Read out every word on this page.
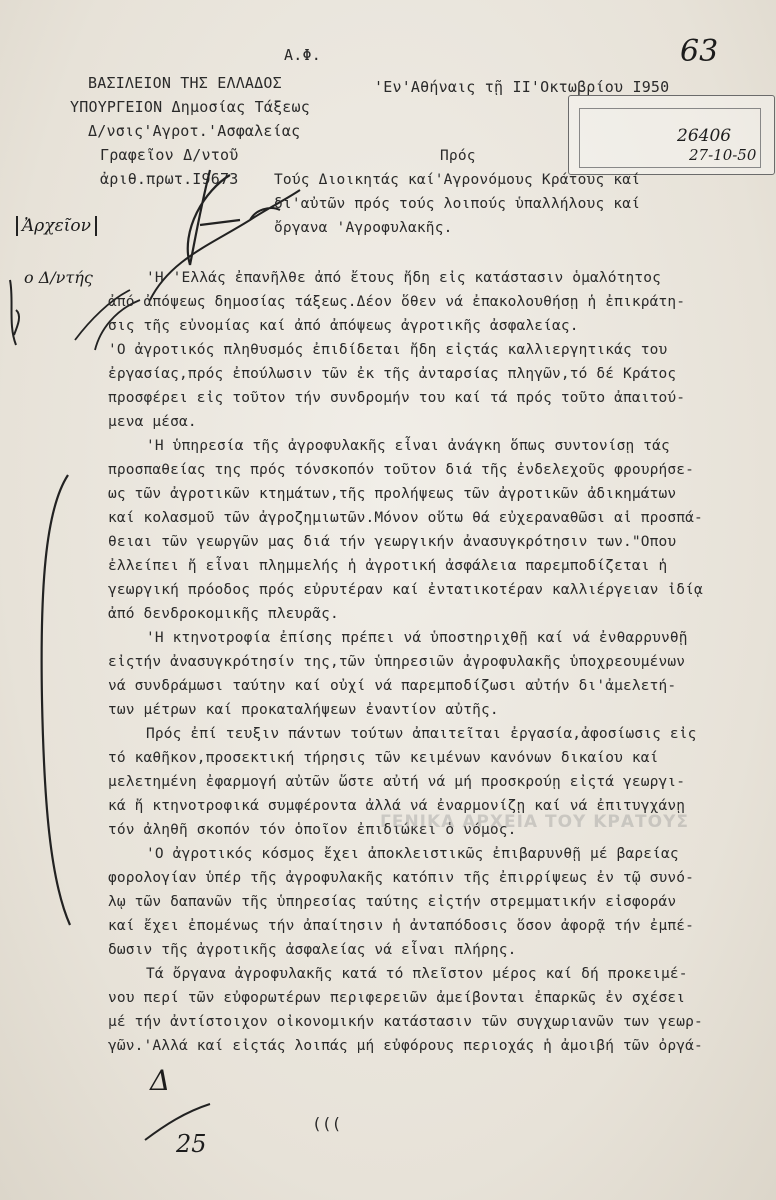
Α.Φ.	63
ΒΑΣΙΛΕΙΟΝ ΤΗΣ ΕΛΛΑΔΟΣ
ΥΠΟΥΡΓΕΙΟΝ Δημοσίας Τάξεως
Δ/νσις'Αγροτ.'Ασφαλείας
Γραφεῖον Δ/ντοῦ
ἀριθ.πρωτ.Ι9673
'Εν'Αθήναις τῇ ΙΙ'Οκτωβρίου Ι950
26406
27-10-50
Ἀρχεῖον
ο Δ/ντής
Πρός
Τούς Διοικητάς καί'Αγρονόμους Κράτους καί
δι'αὐτῶν πρός τούς λοιπούς ὑπαλλήλους καί
ὄργανα 'Αγροφυλακῆς.
'Η 'Ελλάς ἐπανῆλθε ἀπό ἔτους ἤδη εἰς κατάστασιν ὁμαλότητος
ἀπό ἀπόψεως δημοσίας τάξεως.Δέον ὅθεν νά ἐπακολουθήσῃ ἡ ἐπικράτη-
σις τῆς εὐνομίας καί ἀπό ἀπόψεως ἀγροτικῆς ἀσφαλείας.
'Ο ἀγροτικός πληθυσμός ἐπιδίδεται ἤδη εἰςτάς καλλιεργητικάς του
ἐργασίας,πρός ἐπούλωσιν τῶν ἐκ τῆς ἀνταρσίας πληγῶν,τό δέ Κράτος
προσφέρει εἰς τοῦτον τήν συνδρομήν του καί τά πρός τοῦτο ἀπαιτού-
μενα μέσα.
'Η ὑπηρεσία τῆς ἀγροφυλακῆς εἶναι ἀνάγκη ὅπως συντονίσῃ τάς
προσπαθείας της πρός τόνσκοπόν τοῦτον διά τῆς ἐνδελεχοῦς φρουρήσε-
ως τῶν ἀγροτικῶν κτημάτων,τῆς προλήψεως τῶν ἀγροτικῶν ἀδικημάτων
καί κολασμοῦ τῶν ἀγροζημιωτῶν.Μόνον οὕτω θά εὐχεραναθῶσι αἱ προσπά-
θειαι τῶν γεωργῶν μας διά τήν γεωργικήν ἀνασυγκρότησιν των."Οπου
ἐλλείπει ἤ εἶναι πλημμελής ἡ ἀγροτική ἀσφάλεια παρεμποδίζεται ἡ
γεωργική πρόοδος πρός εὐρυτέραν καί ἐντατικοτέραν καλλιέργειαν ἰδίᾳ
ἀπό δενδροκομικῆς πλευρᾶς.
'Η κτηνοτροφία ἐπίσης πρέπει νά ὑποστηριχθῇ καί νά ἐνθαρρυνθῇ
εἰςτήν ἀνασυγκρότησίν της,τῶν ὑπηρεσιῶν ἀγροφυλακῆς ὑποχρεουμένων
νά συνδράμωσι ταύτην καί οὐχί νά παρεμποδίζωσι αὐτήν δι'ἀμελετή-
των μέτρων καί προκαταλήψεων ἐναντίον αὐτῆς.
Πρός ἐπί τευξιν πάντων τούτων ἀπαιτεῖται ἐργασία,ἀφοσίωσις εἰς
τό καθῆκον,προσεκτική τήρησις τῶν κειμένων κανόνων δικαίου καί
μελετημένη ἐφαρμογή αὐτῶν ὥστε αὐτή νά μή προσκρούῃ εἰςτά γεωργι-
κά ἤ κτηνοτροφικά συμφέροντα ἀλλά νά ἐναρμονίζῃ καί νά ἐπιτυγχάνῃ
τόν ἀληθῆ σκοπόν τόν ὁποῖον ἐπιδιώκει ὁ νόμος.
'Ο ἀγροτικός κόσμος ἔχει ἀποκλειστικῶς ἐπιβαρυνθῇ μέ βαρείας
φορολογίαν ὑπέρ τῆς ἀγροφυλακῆς κατόπιν τῆς ἐπιρρίψεως ἐν τῷ συνό-
λῳ τῶν δαπανῶν τῆς ὑπηρεσίας ταύτης εἰςτήν στρεμματικήν εἰσφοράν
καί ἔχει ἐπομένως τήν ἀπαίτησιν ἡ ἀνταπόδοσις ὅσον ἀφορᾷ τήν ἐμπέ-
δωσιν τῆς ἀγροτικῆς ἀσφαλείας νά εἶναι πλήρης.
Τά ὄργανα ἀγροφυλακῆς κατά τό πλεῖστον μέρος καί δή προκειμέ-
νου περί τῶν εὐφορωτέρων περιφερειῶν ἀμείβονται ἐπαρκῶς ἐν σχέσει
μέ τήν ἀντίστοιχον οἰκονομικήν κατάστασιν τῶν συγχωριανῶν των γεωρ-
γῶν.'Αλλά καί εἰςτάς λοιπάς μή εὐφόρους περιοχάς ἡ ἀμοιβή τῶν ὀργά-
ΓΕΝΙΚΑ ΑΡΧΕΙΑ ΤΟΥ ΚΡΑΤΟΥΣ
(((
Δ
25
